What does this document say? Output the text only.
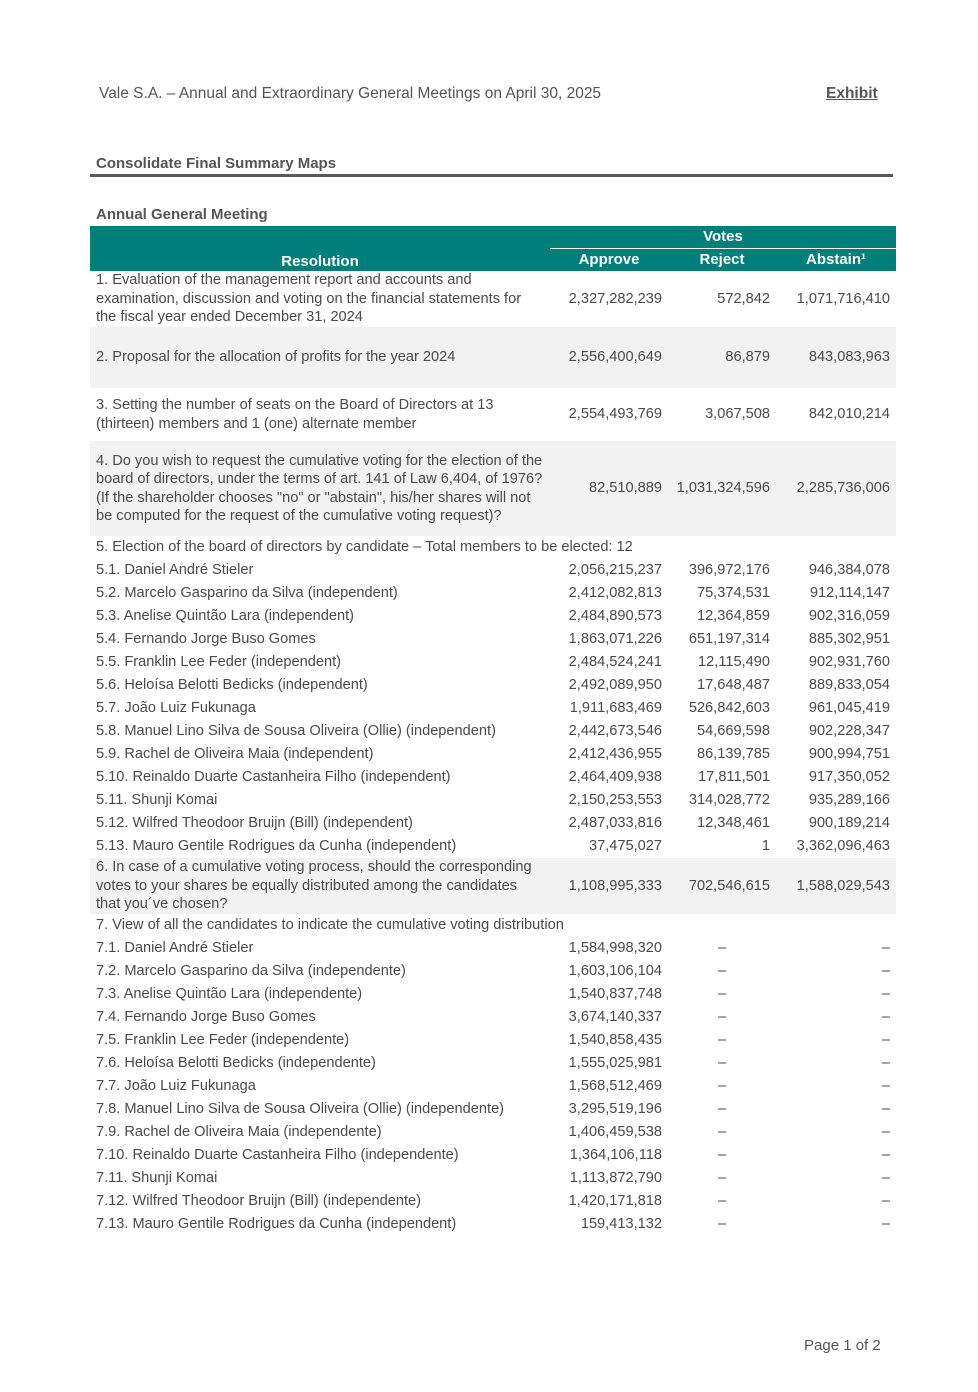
Vale S.A. – Annual and Extraordinary General Meetings on April 30, 2025	Exhibit
Consolidate Final Summary Maps
Annual General Meeting
Resolution	Votes		
	Approve	Reject	Abstain¹
1. Evaluation of the management report and accounts and examination, discussion and voting on the financial statements for the fiscal year ended December 31, 2024	2,327,282,239	572,842	1,071,716,410
2. Proposal for the allocation of profits for the year 2024	2,556,400,649	86,879	843,083,963
3. Setting the number of seats on the Board of Directors at 13 (thirteen) members and 1 (one) alternate member	2,554,493,769	3,067,508	842,010,214
4. Do you wish to request the cumulative voting for the election of the board of directors, under the terms of art. 141 of Law 6,404, of 1976? (If the shareholder chooses "no" or "abstain", his/her shares will not be computed for the request of the cumulative voting request)?	82,510,889	1,031,324,596	2,285,736,006
5. Election of the board of directors by candidate – Total members to be elected: 12			
5.1. Daniel André Stieler	2,056,215,237	396,972,176	946,384,078
5.2. Marcelo Gasparino da Silva (independent)	2,412,082,813	75,374,531	912,114,147
5.3. Anelise Quintão Lara (independent)	2,484,890,573	12,364,859	902,316,059
5.4. Fernando Jorge Buso Gomes	1,863,071,226	651,197,314	885,302,951
5.5. Franklin Lee Feder (independent)	2,484,524,241	12,115,490	902,931,760
5.6. Heloísa Belotti Bedicks (independent)	2,492,089,950	17,648,487	889,833,054
5.7. João Luiz Fukunaga	1,911,683,469	526,842,603	961,045,419
5.8. Manuel Lino Silva de Sousa Oliveira (Ollie) (independent)	2,442,673,546	54,669,598	902,228,347
5.9. Rachel de Oliveira Maia (independent)	2,412,436,955	86,139,785	900,994,751
5.10. Reinaldo Duarte Castanheira Filho (independent)	2,464,409,938	17,811,501	917,350,052
5.11. Shunji Komai	2,150,253,553	314,028,772	935,289,166
5.12. Wilfred Theodoor Bruijn (Bill) (independent)	2,487,033,816	12,348,461	900,189,214
5.13. Mauro Gentile Rodrigues da Cunha (independent)	37,475,027	1	3,362,096,463
6. In case of a cumulative voting process, should the corresponding votes to your shares be equally distributed among the candidates that you´ve chosen?	1,108,995,333	702,546,615	1,588,029,543
7. View of all the candidates to indicate the cumulative voting distribution			
7.1. Daniel André Stieler	1,584,998,320	–	–
7.2. Marcelo Gasparino da Silva (independente)	1,603,106,104	–	–
7.3. Anelise Quintão Lara (independente)	1,540,837,748	–	–
7.4. Fernando Jorge Buso Gomes	3,674,140,337	–	–
7.5. Franklin Lee Feder (independente)	1,540,858,435	–	–
7.6. Heloísa Belotti Bedicks (independente)	1,555,025,981	–	–
7.7. João Luiz Fukunaga	1,568,512,469	–	–
7.8. Manuel Lino Silva de Sousa Oliveira (Ollie) (independente)	3,295,519,196	–	–
7.9. Rachel de Oliveira Maia (independente)	1,406,459,538	–	–
7.10. Reinaldo Duarte Castanheira Filho (independente)	1,364,106,118	–	–
7.11. Shunji Komai	1,113,872,790	–	–
7.12. Wilfred Theodoor Bruijn (Bill) (independente)	1,420,171,818	–	–
7.13. Mauro Gentile Rodrigues da Cunha (independent)	159,413,132	–	–
Page 1 of 2
